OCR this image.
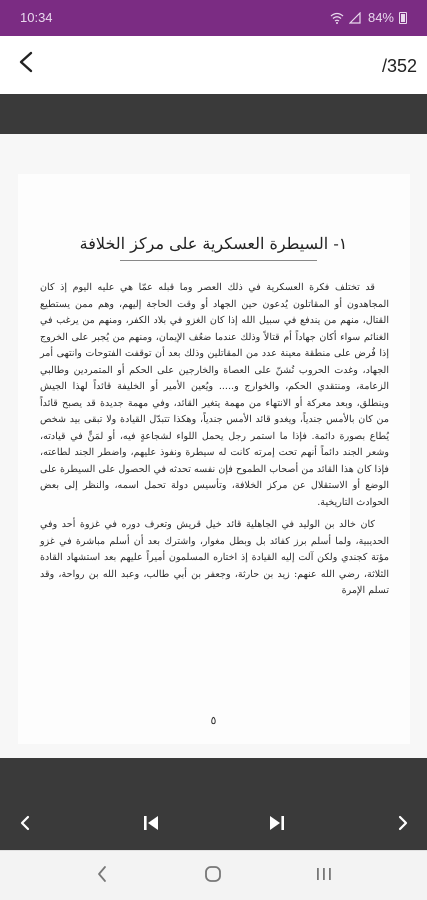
10:34	84%
/352
١- السيطرة العسكرية على مركز الخلافة

قد تختلف فكرة العسكرية في ذلك العصر وما قبله عمّا هي عليه اليوم إذ كان المجاهدون أو المقاتلون يُدعون حين الجهاد أو وقت الحاجة إليهم، وهم ممن يستطيع القتال، منهم من يندفع في سبيل الله إذا كان الغزو في بلاد الكفر، ومنهم من يرغب في الغنائم سواء أكان جهاداً أم قتالاً وذلك عندما ضعُف الإيمان، ومنهم من يُجبر على الخروج إذا فُرض على منطقة معينة عدد من المقاتلين وذلك بعد أن توقفت الفتوحات وانتهى أمر الجهاد، وغدت الحروب تُشنّ على العصاة والخارجين على الحكم أو المتمردين وطالبي الزعامة، ومنتقدي الحكم، والخوارج و..... ويُعين الأمير أو الخليفة قائداً لهذا الجيش وينطلق، وبعد معركة أو الانتهاء من مهمة يتغير القائد، وفي مهمة جديدة قد يصبح قائداً من كان بالأمس جندياً، ويغدو قائد الأمس جندياً، وهكذا تتبدّل القيادة ولا تبقى بيد شخص يُطاع بصورة دائمة. فإذا ما استمر رجل يحمل اللواء لشجاعةٍ فيه، أو لمَنٍّ في قيادته، وشعر الجند دائماً أنهم تحت إمرته كانت له سيطرة ونفوذ عليهم، واضطر الجند لطاعته، فإذا كان هذا القائد من أصحاب الطموح فإن نفسه تحدثه في الحصول على السيطرة على الوضع أو الاستقلال عن مركز الخلافة، وتأسيس دولة تحمل اسمه، والنظر إلى بعض الحوادث التاريخية.

كان خالد بن الوليد في الجاهلية قائد خيل قريش وتعرف دوره في غزوة أحد وفي الحديبية، ولما أسلم برز كفائد بل وبطل مغوار، واشترك بعد أن أسلم مباشرة في غزو مؤتة كجندي ولكن آلت إليه القيادة إذ اختاره المسلمون أميراً عليهم بعد استشهاد القادة الثلاثة، رضي الله عنهم: زيد بن حارثة، وجعفر بن أبي طالب، وعبد الله بن رواحة، وقد تسلم الإمرة

٥
